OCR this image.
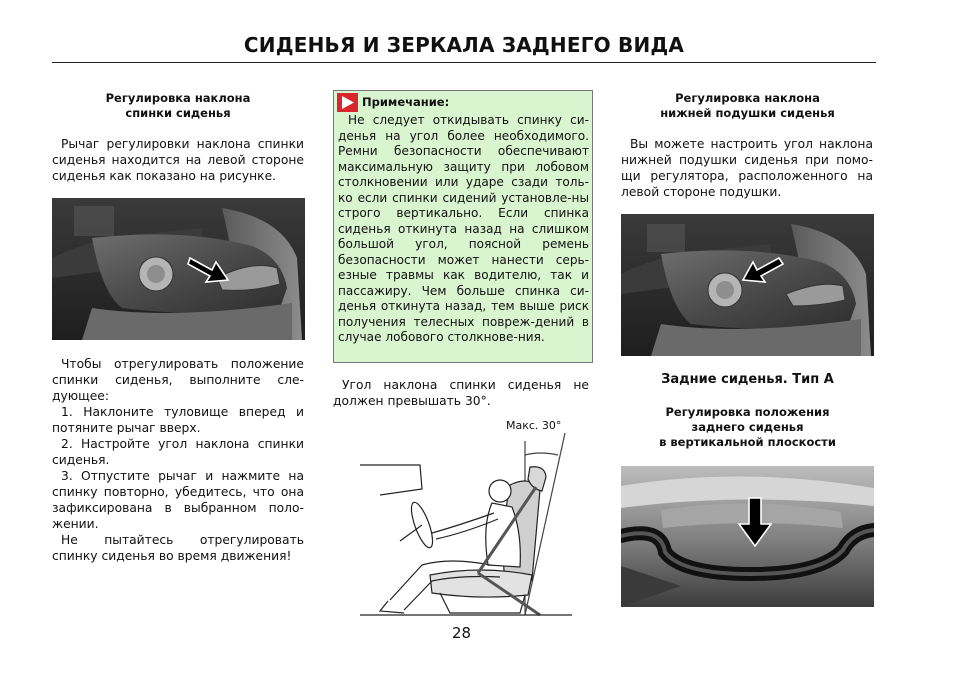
СИДЕНЬЯ И ЗЕРКАЛА ЗАДНЕГО ВИДА
Регулировка наклона
спинки сиденья

Рычаг регулировки наклона спинки сиденья находится на левой стороне сиденья как показано на рисунке.

Чтобы отрегулировать положение спинки сиденья, выполните сле-дующее:

1. Наклоните туловище вперед и потяните рычаг вверх.

2. Настройте угол наклона спинки сиденья.

3. Отпустите рычаг и нажмите на спинку повторно, убедитесь, что она зафиксирована в выбранном поло-жении.

Не пытайтесь отрегулировать спинку сиденья во время движения!

Примечание:

Не следует откидывать спинку си-денья на угол более необходимого. Ремни безопасности обеспечивают максимальную защиту при лобовом столкновении или ударе сзади толь-ко если спинки сидений установле-ны строго вертикально. Если спинка сиденья откинута назад на слишком большой угол, поясной ремень безопасности может нанести серь-езные травмы как водителю, так и пассажиру. Чем больше спинка си-денья откинута назад, тем выше риск получения телесных повреж-дений в случае лобового столкнове-ния.

Угол наклона спинки сиденья не должен превышать 30°.

Макс. 30°
Регулировка наклона
нижней подушки сиденья

Вы можете настроить угол наклона нижней подушки сиденья при помо-щи регулятора, расположенного на левой стороне подушки.

Задние сиденья. Тип А
Регулировка положения
заднего сиденья
в вертикальной плоскости
28
